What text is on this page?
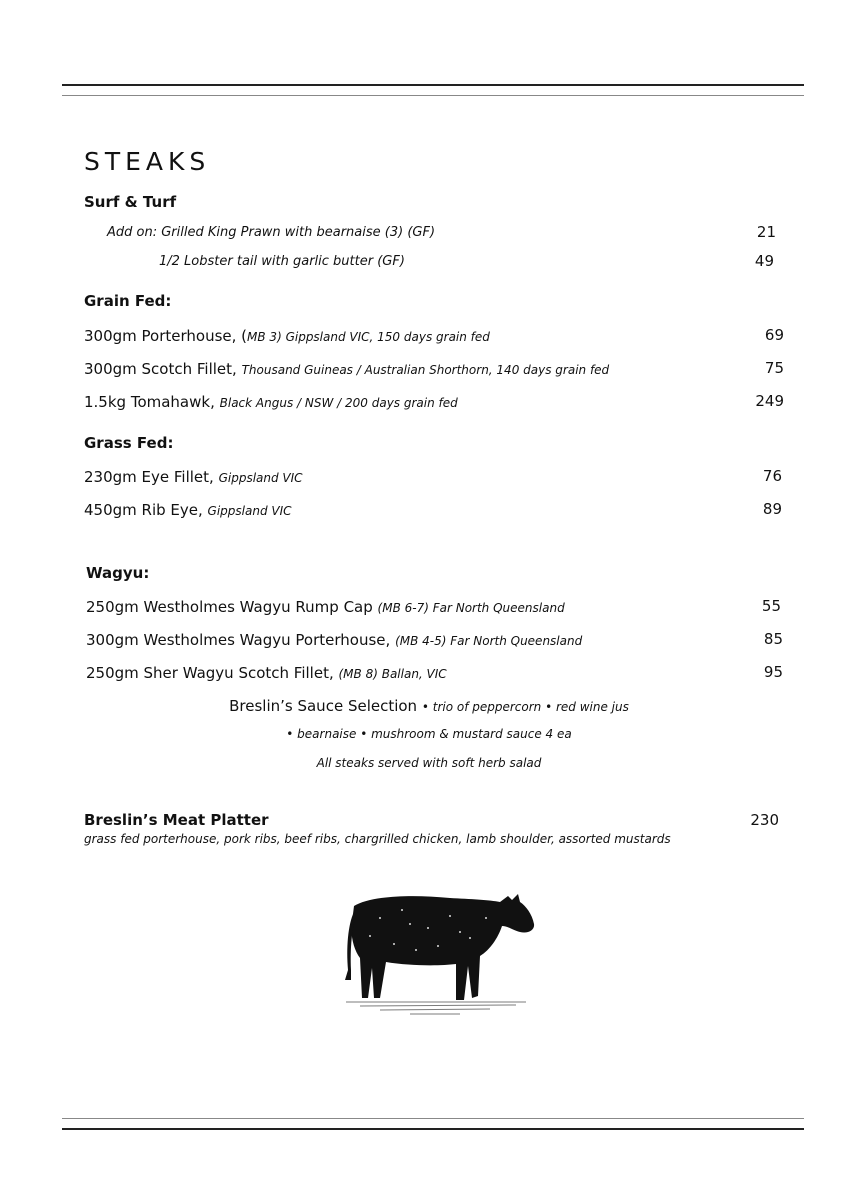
STEAKS
Surf & Turf
Add on: Grilled King Prawn with bearnaise (3) (GF)	21
1/2 Lobster tail with garlic butter (GF)	49
Grain Fed:
300gm Porterhouse, (MB 3) Gippsland VIC, 150 days grain fed	69
300gm Scotch Fillet, Thousand Guineas / Australian Shorthorn, 140 days grain fed	75
1.5kg Tomahawk, Black Angus / NSW / 200 days grain fed	249
Grass Fed:
230gm Eye Fillet, Gippsland VIC	76
450gm Rib Eye, Gippsland VIC	89
Wagyu:
250gm Westholmes Wagyu Rump Cap (MB 6-7) Far North Queensland	55
300gm Westholmes Wagyu Porterhouse, (MB 4-5) Far North Queensland	85
250gm Sher Wagyu Scotch Fillet, (MB 8) Ballan, VIC	95
Breslin’s Sauce Selection • trio of peppercorn • red wine jus
• bearnaise • mushroom & mustard sauce 4 ea
All steaks served with soft herb salad
Breslin’s Meat Platter	230
grass fed porterhouse, pork ribs, beef ribs, chargrilled chicken, lamb shoulder, assorted mustards
